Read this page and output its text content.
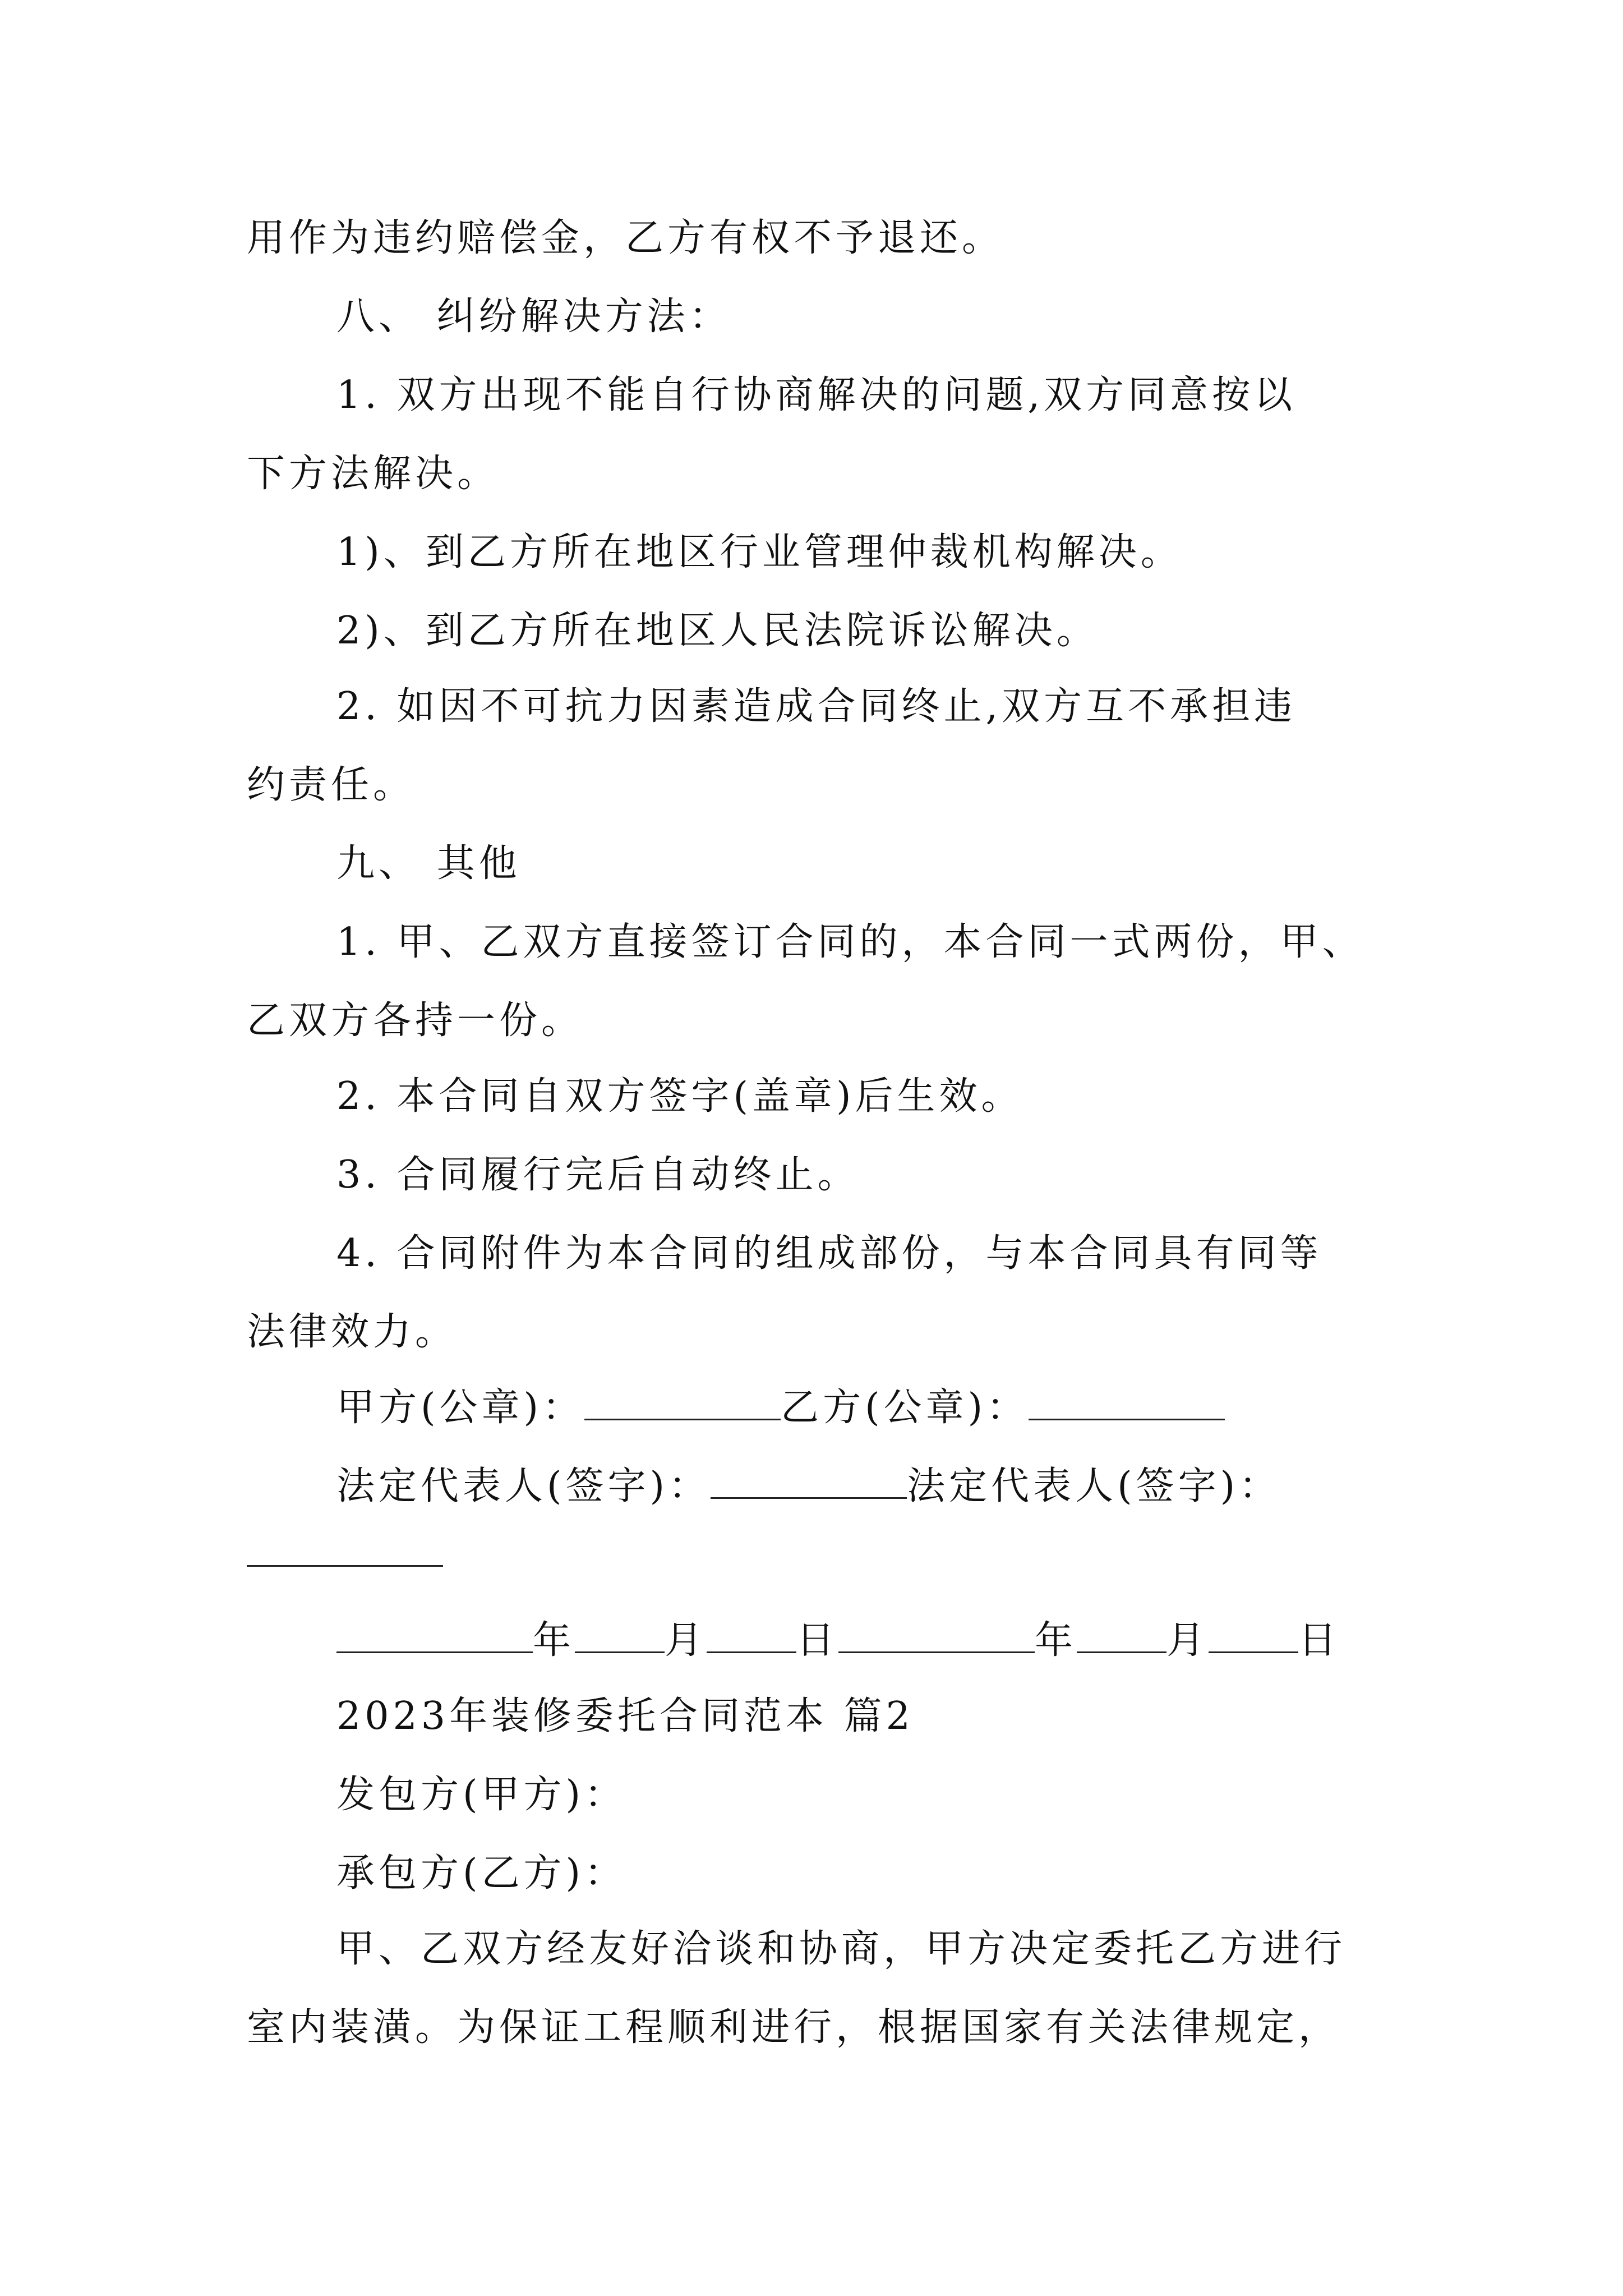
用作为违约赔偿金，乙方有权不予退还。
八、 纠纷解决方法：
1. 双方出现不能自行协商解决的问题,双方同意按以
下方法解决。
1)、到乙方所在地区行业管理仲裁机构解决。
2)、到乙方所在地区人民法院诉讼解决。
2. 如因不可抗力因素造成合同终止,双方互不承担违
约责任。
九、 其他
1. 甲、乙双方直接签订合同的，本合同一式两份，甲、
乙双方各持一份。
2. 本合同自双方签字(盖章)后生效。
3. 合同履行完后自动终止。
4. 合同附件为本合同的组成部份，与本合同具有同等
法律效力。
甲方(公章)：	乙方(公章)：
法定代表人(签字)：	法定代表人(签字)：
年 月 日	年 月 日
2023年装修委托合同范本 篇2
发包方(甲方)：
承包方(乙方)：
甲、乙双方经友好洽谈和协商，甲方决定委托乙方进行
室内装潢。为保证工程顺利进行，根据国家有关法律规定，
